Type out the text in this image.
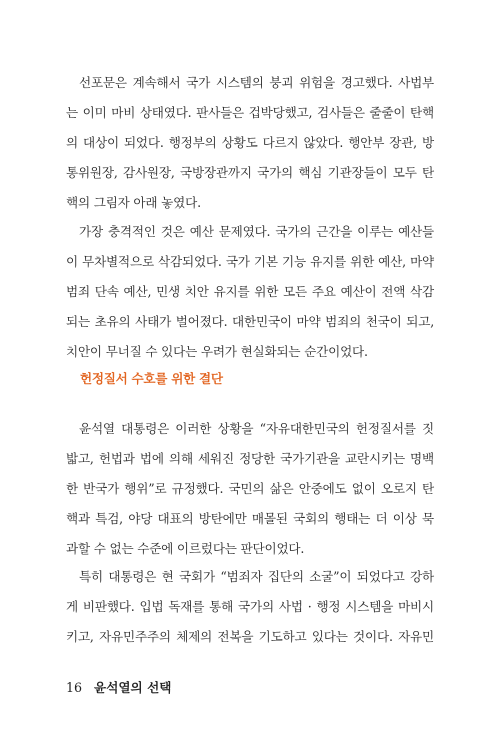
선포문은 계속해서 국가 시스템의 붕괴 위험을 경고했다. 사법부
는 이미 마비 상태였다. 판사들은 겁박당했고, 검사들은 줄줄이 탄핵
의 대상이 되었다. 행정부의 상황도 다르지 않았다. 행안부 장관, 방
통위원장, 감사원장, 국방장관까지 국가의 핵심 기관장들이 모두 탄
핵의 그림자 아래 놓였다.
가장 충격적인 것은 예산 문제였다. 국가의 근간을 이루는 예산들
이 무차별적으로 삭감되었다. 국가 기본 기능 유지를 위한 예산, 마약
범죄 단속 예산, 민생 치안 유지를 위한 모든 주요 예산이 전액 삭감
되는 초유의 사태가 벌어졌다. 대한민국이 마약 범죄의 천국이 되고,
치안이 무너질 수 있다는 우려가 현실화되는 순간이었다.
헌정질서 수호를 위한 결단
윤석열 대통령은 이러한 상황을 “자유대한민국의 헌정질서를 짓
밟고, 헌법과 법에 의해 세워진 정당한 국가기관을 교란시키는 명백
한 반국가 행위”로 규정했다. 국민의 삶은 안중에도 없이 오로지 탄
핵과 특검, 야당 대표의 방탄에만 매몰된 국회의 행태는 더 이상 묵
과할 수 없는 수준에 이르렀다는 판단이었다.
특히 대통령은 현 국회가 “범죄자 집단의 소굴”이 되었다고 강하
게 비판했다. 입법 독재를 통해 국가의 사법 · 행정 시스템을 마비시
키고, 자유민주주의 체제의 전복을 기도하고 있다는 것이다. 자유민
16 윤석열의 선택
